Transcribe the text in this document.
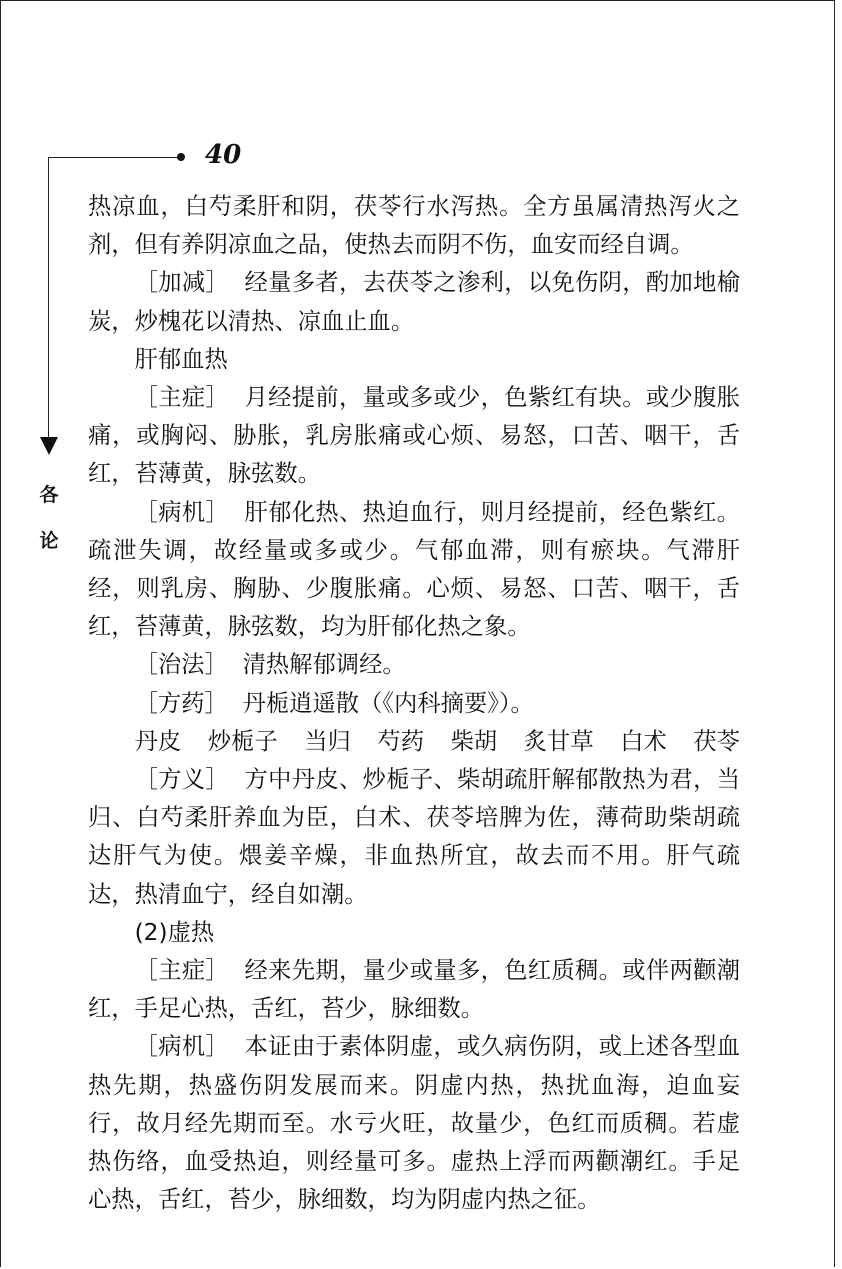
40
各
论

热凉血，白芍柔肝和阴，茯苓行水泻热。全方虽属清热泻火之剂，但有养阴凉血之品，使热去而阴不伤，血安而经自调。

［加减］ 经量多者，去茯苓之渗利，以免伤阴，酌加地榆炭，炒槐花以清热、凉血止血。

肝郁血热

［主症］ 月经提前，量或多或少，色紫红有块。或少腹胀痛，或胸闷、胁胀，乳房胀痛或心烦、易怒，口苦、咽干，舌红，苔薄黄，脉弦数。

［病机］ 肝郁化热、热迫血行，则月经提前，经色紫红。疏泄失调，故经量或多或少。气郁血滞，则有瘀块。气滞肝经，则乳房、胸胁、少腹胀痛。心烦、易怒、口苦、咽干，舌红，苔薄黄，脉弦数，均为肝郁化热之象。

［治法］ 清热解郁调经。

［方药］ 丹栀逍遥散（《内科摘要》）。

丹皮 炒栀子 当归 芍药 柴胡 炙甘草 白术 茯苓

［方义］ 方中丹皮、炒栀子、柴胡疏肝解郁散热为君，当归、白芍柔肝养血为臣，白术、茯苓培脾为佐，薄荷助柴胡疏达肝气为使。煨姜辛燥，非血热所宜，故去而不用。肝气疏达，热清血宁，经自如潮。

(2)虚热

［主症］ 经来先期，量少或量多，色红质稠。或伴两颧潮红，手足心热，舌红，苔少，脉细数。

［病机］ 本证由于素体阴虚，或久病伤阴，或上述各型血热先期，热盛伤阴发展而来。阴虚内热，热扰血海，迫血妄行，故月经先期而至。水亏火旺，故量少，色红而质稠。若虚热伤络，血受热迫，则经量可多。虚热上浮而两颧潮红。手足心热，舌红，苔少，脉细数，均为阴虚内热之征。
